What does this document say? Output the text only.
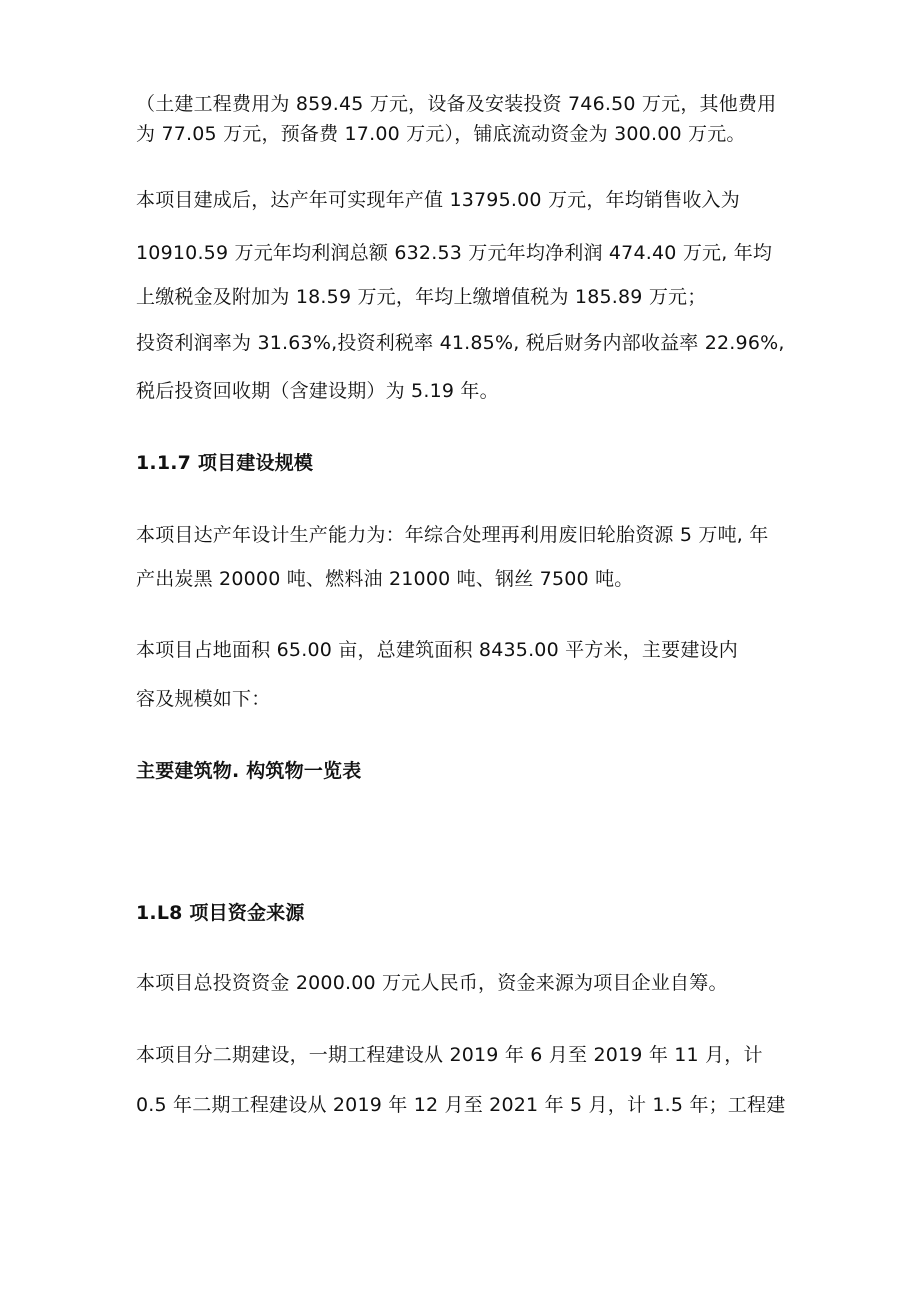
（土建工程费用为 859.45 万元，设备及安装投资 746.50 万元，其他费用
为 77.05 万元，预备费 17.00 万元），铺底流动资金为 300.00 万元。
本项目建成后，达产年可实现年产值 13795.00 万元，年均销售收入为
10910.59 万元年均利润总额 632.53 万元年均净利润 474.40 万元, 年均
上缴税金及附加为 18.59 万元，年均上缴增值税为 185.89 万元；
投资利润率为 31.63%,投资利税率 41.85%, 税后财务内部收益率 22.96%,
税后投资回收期（含建设期）为 5.19 年。
1.1.7 项目建设规模
本项目达产年设计生产能力为：年综合处理再利用废旧轮胎资源 5 万吨, 年
产出炭黑 20000 吨、燃料油 21000 吨、钢丝 7500 吨。
本项目占地面积 65.00 亩，总建筑面积 8435.00 平方米，主要建设内
容及规模如下：
主要建筑物. 构筑物一览表
1.L8 项目资金来源
本项目总投资资金 2000.00 万元人民币，资金来源为项目企业自筹。
本项目分二期建设，一期工程建设从 2019 年 6 月至 2019 年 11 月，计
0.5 年二期工程建设从 2019 年 12 月至 2021 年 5 月，计 1.5 年；工程建
